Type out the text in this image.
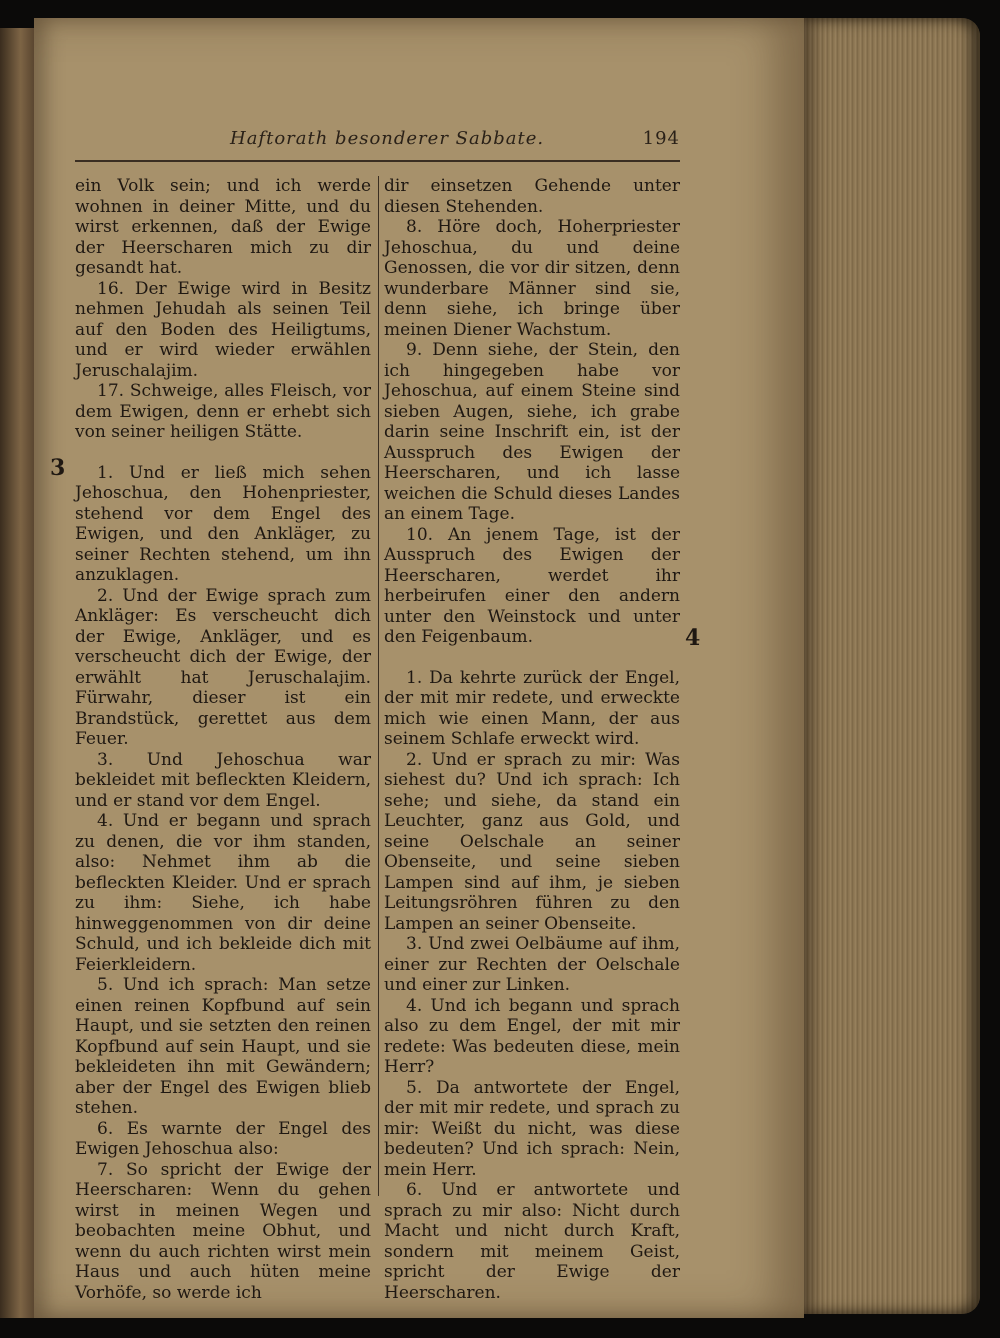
Haftorath besonderer Sabbate.	194
3
4

ein Volk sein; und ich werde wohnen in deiner Mitte, und du wirst erkennen, daß der Ewige der Heerscharen mich zu dir gesandt hat.

16. Der Ewige wird in Besitz nehmen Jehudah als seinen Teil auf den Boden des Heiligtums, und er wird wieder erwählen Jeruschalajim.

17. Schweige, alles Fleisch, vor dem Ewigen, denn er erhebt sich von seiner heiligen Stätte.

1. Und er ließ mich sehen Jehoschua, den Hohenpriester, stehend vor dem Engel des Ewigen, und den Ankläger, zu seiner Rechten stehend, um ihn anzuklagen.

2. Und der Ewige sprach zum Ankläger: Es verscheucht dich der Ewige, Ankläger, und es verscheucht dich der Ewige, der erwählt hat Jeruschalajim. Fürwahr, dieser ist ein Brandstück, gerettet aus dem Feuer.

3. Und Jehoschua war bekleidet mit befleckten Kleidern, und er stand vor dem Engel.

4. Und er begann und sprach zu denen, die vor ihm standen, also: Nehmet ihm ab die befleckten Kleider. Und er sprach zu ihm: Siehe, ich habe hinweggenommen von dir deine Schuld, und ich bekleide dich mit Feierkleidern.

5. Und ich sprach: Man setze einen reinen Kopfbund auf sein Haupt, und sie setzten den reinen Kopfbund auf sein Haupt, und sie bekleideten ihn mit Gewändern; aber der Engel des Ewigen blieb stehen.

6. Es warnte der Engel des Ewigen Jehoschua also:

7. So spricht der Ewige der Heerscharen: Wenn du gehen wirst in meinen Wegen und beobachten meine Obhut, und wenn du auch richten wirst mein Haus und auch hüten meine Vorhöfe, so werde ich

dir einsetzen Gehende unter diesen Stehenden.

8. Höre doch, Hoherpriester Jehoschua, du und deine Genossen, die vor dir sitzen, denn wunderbare Männer sind sie, denn siehe, ich bringe über meinen Diener Wachstum.

9. Denn siehe, der Stein, den ich hingegeben habe vor Jehoschua, auf einem Steine sind sieben Augen, siehe, ich grabe darin seine Inschrift ein, ist der Ausspruch des Ewigen der Heerscharen, und ich lasse weichen die Schuld dieses Landes an einem Tage.

10. An jenem Tage, ist der Ausspruch des Ewigen der Heerscharen, werdet ihr herbeirufen einer den andern unter den Weinstock und unter den Feigenbaum.

1. Da kehrte zurück der Engel, der mit mir redete, und erweckte mich wie einen Mann, der aus seinem Schlafe erweckt wird.

2. Und er sprach zu mir: Was siehest du? Und ich sprach: Ich sehe; und siehe, da stand ein Leuchter, ganz aus Gold, und seine Oelschale an seiner Obenseite, und seine sieben Lampen sind auf ihm, je sieben Leitungsröhren führen zu den Lampen an seiner Obenseite.

3. Und zwei Oelbäume auf ihm, einer zur Rechten der Oelschale und einer zur Linken.

4. Und ich begann und sprach also zu dem Engel, der mit mir redete: Was bedeuten diese, mein Herr?

5. Da antwortete der Engel, der mit mir redete, und sprach zu mir: Weißt du nicht, was diese bedeuten? Und ich sprach: Nein, mein Herr.

6. Und er antwortete und sprach zu mir also: Nicht durch Macht und nicht durch Kraft, sondern mit meinem Geist, spricht der Ewige der Heerscharen.
